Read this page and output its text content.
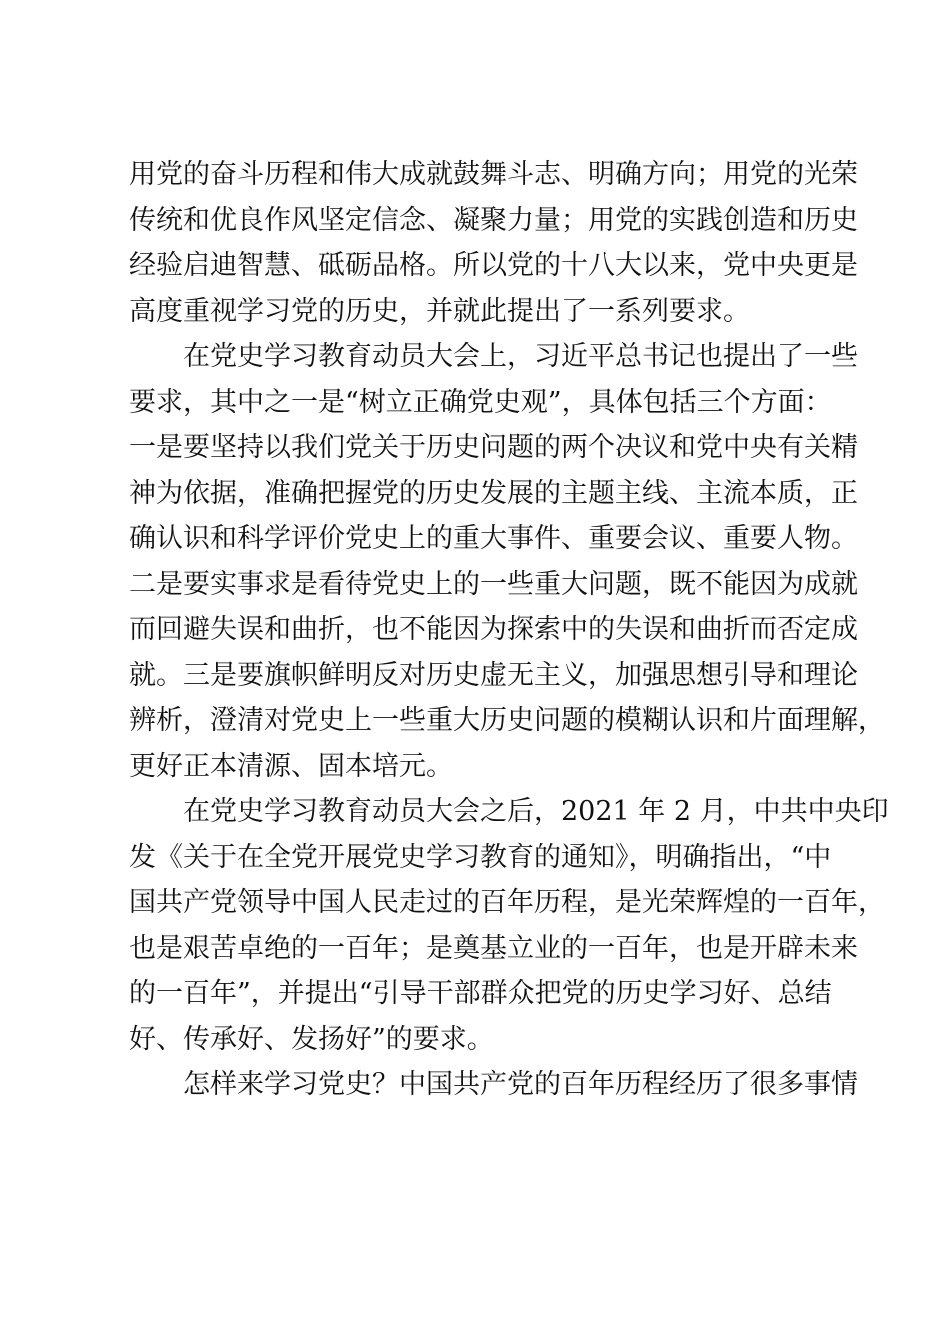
用党的奋斗历程和伟大成就鼓舞斗志、明确方向；用党的光荣
传统和优良作风坚定信念、凝聚力量；用党的实践创造和历史
经验启迪智慧、砥砺品格。所以党的十八大以来，党中央更是
高度重视学习党的历史，并就此提出了一系列要求。
在党史学习教育动员大会上，习近平总书记也提出了一些
要求，其中之一是“树立正确党史观”，具体包括三个方面：
一是要坚持以我们党关于历史问题的两个决议和党中央有关精
神为依据，准确把握党的历史发展的主题主线、主流本质，正
确认识和科学评价党史上的重大事件、重要会议、重要人物。
二是要实事求是看待党史上的一些重大问题，既不能因为成就
而回避失误和曲折，也不能因为探索中的失误和曲折而否定成
就。三是要旗帜鲜明反对历史虚无主义，加强思想引导和理论
辨析，澄清对党史上一些重大历史问题的模糊认识和片面理解，
更好正本清源、固本培元。
在党史学习教育动员大会之后，2021 年 2 月，中共中央印
发《关于在全党开展党史学习教育的通知》，明确指出，“中
国共产党领导中国人民走过的百年历程，是光荣辉煌的一百年，
也是艰苦卓绝的一百年；是奠基立业的一百年，也是开辟未来
的一百年”，并提出“引导干部群众把党的历史学习好、总结
好、传承好、发扬好”的要求。
怎样来学习党史？中国共产党的百年历程经历了很多事情
